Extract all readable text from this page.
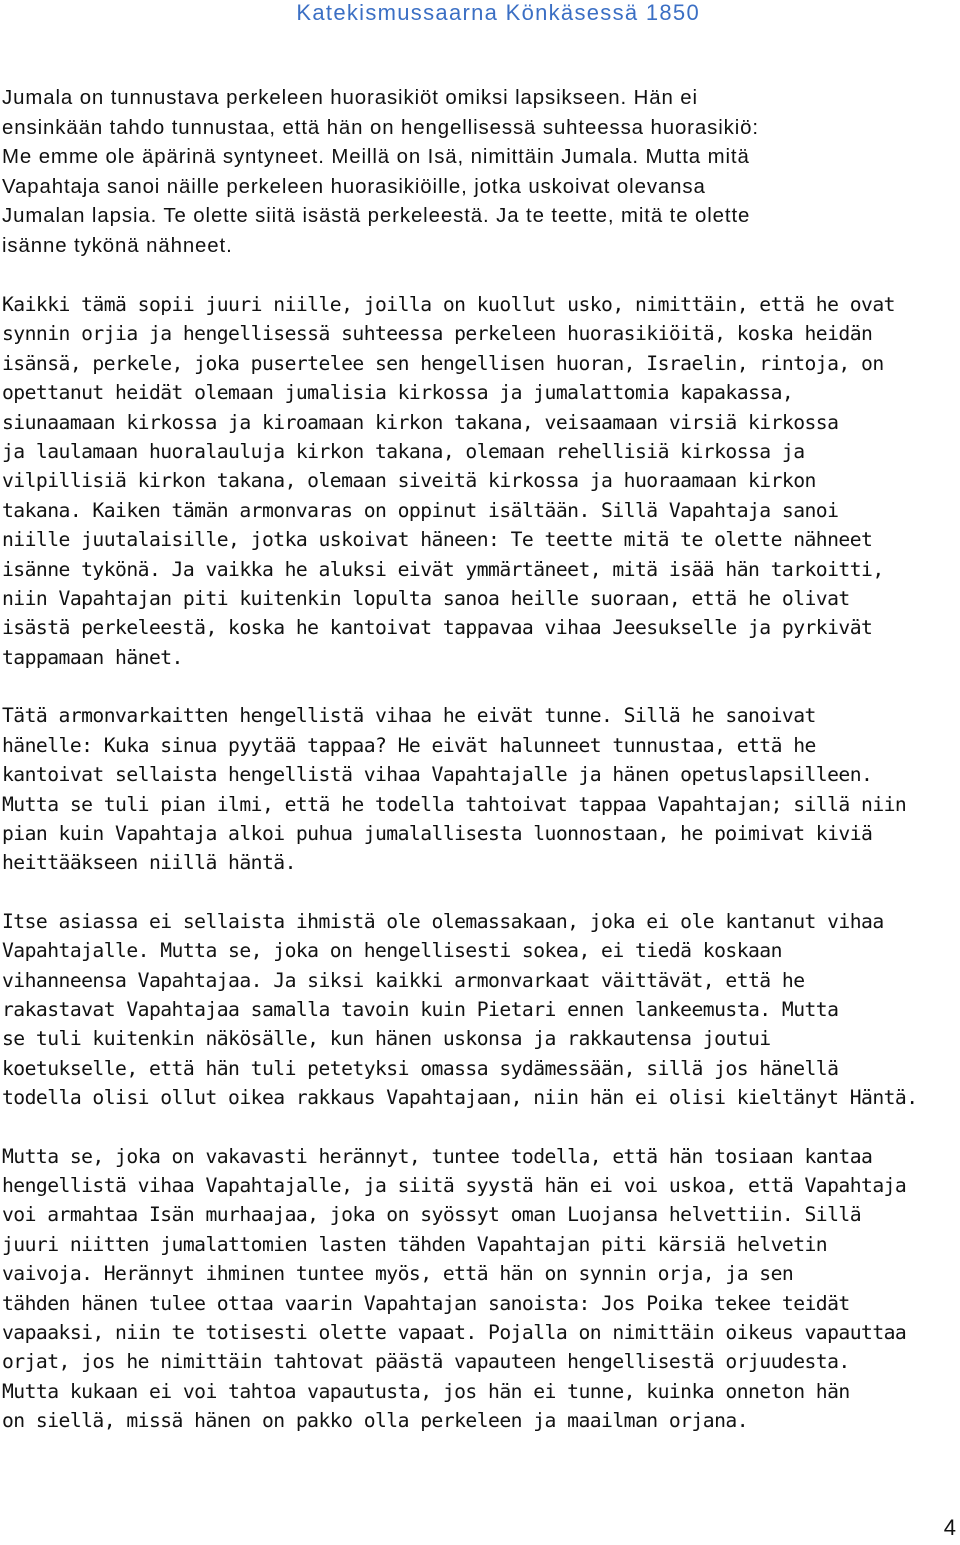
Katekismussaarna Könkäsessä 1850

Jumala on tunnustava perkeleen huorasikiöt omiksi lapsikseen. Hän ei
ensinkään tahdo tunnustaa, että hän on hengellisessä suhteessa huorasikiö:
Me emme ole äpärinä syntyneet. Meillä on Isä, nimittäin Jumala. Mutta mitä
Vapahtaja sanoi näille perkeleen huorasikiöille, jotka uskoivat olevansa
Jumalan lapsia. Te olette siitä isästä perkeleestä. Ja te teette, mitä te olette
isänne tykönä nähneet.

Kaikki tämä sopii juuri niille, joilla on kuollut usko, nimittäin, että he ovat
synnin orjia ja hengellisessä suhteessa perkeleen huorasikiöitä, koska heidän
isänsä, perkele, joka pusertelee sen hengellisen huoran, Israelin, rintoja, on
opettanut heidät olemaan jumalisia kirkossa ja jumalattomia kapakassa,
siunaamaan kirkossa ja kiroamaan kirkon takana, veisaamaan virsiä kirkossa
ja laulamaan huoralauluja kirkon takana, olemaan rehellisiä kirkossa ja
vilpillisiä kirkon takana, olemaan siveitä kirkossa ja huoraamaan kirkon
takana. Kaiken tämän armonvaras on oppinut isältään. Sillä Vapahtaja sanoi
niille juutalaisille, jotka uskoivat häneen: Te teette mitä te olette nähneet
isänne tykönä. Ja vaikka he aluksi eivät ymmärtäneet, mitä isää hän tarkoitti,
niin Vapahtajan piti kuitenkin lopulta sanoa heille suoraan, että he olivat
isästä perkeleestä, koska he kantoivat tappavaa vihaa Jeesukselle ja pyrkivät
tappamaan hänet.

Tätä armonvarkaitten hengellistä vihaa he eivät tunne. Sillä he sanoivat
hänelle: Kuka sinua pyytää tappaa? He eivät halunneet tunnustaa, että he
kantoivat sellaista hengellistä vihaa Vapahtajalle ja hänen opetuslapsilleen.
Mutta se tuli pian ilmi, että he todella tahtoivat tappaa Vapahtajan; sillä niin
pian kuin Vapahtaja alkoi puhua jumalallisesta luonnostaan, he poimivat kiviä
heittääkseen niillä häntä.

Itse asiassa ei sellaista ihmistä ole olemassakaan, joka ei ole kantanut vihaa
Vapahtajalle. Mutta se, joka on hengellisesti sokea, ei tiedä koskaan
vihanneensa Vapahtajaa. Ja siksi kaikki armonvarkaat väittävät, että he
rakastavat Vapahtajaa samalla tavoin kuin Pietari ennen lankeemusta. Mutta
se tuli kuitenkin näkösälle, kun hänen uskonsa ja rakkautensa joutui
koetukselle, että hän tuli petetyksi omassa sydämessään, sillä jos hänellä
todella olisi ollut oikea rakkaus Vapahtajaan, niin hän ei olisi kieltänyt Häntä.

Mutta se, joka on vakavasti herännyt, tuntee todella, että hän tosiaan kantaa
hengellistä vihaa Vapahtajalle, ja siitä syystä hän ei voi uskoa, että Vapahtaja
voi armahtaa Isän murhaajaa, joka on syössyt oman Luojansa helvettiin. Sillä
juuri niitten jumalattomien lasten tähden Vapahtajan piti kärsiä helvetin
vaivoja. Herännyt ihminen tuntee myös, että hän on synnin orja, ja sen
tähden hänen tulee ottaa vaarin Vapahtajan sanoista: Jos Poika tekee teidät
vapaaksi, niin te totisesti olette vapaat. Pojalla on nimittäin oikeus vapauttaa
orjat, jos he nimittäin tahtovat päästä vapauteen hengellisestä orjuudesta.
Mutta kukaan ei voi tahtoa vapautusta, jos hän ei tunne, kuinka onneton hän
on siellä, missä hänen on pakko olla perkeleen ja maailman orjana.

4
